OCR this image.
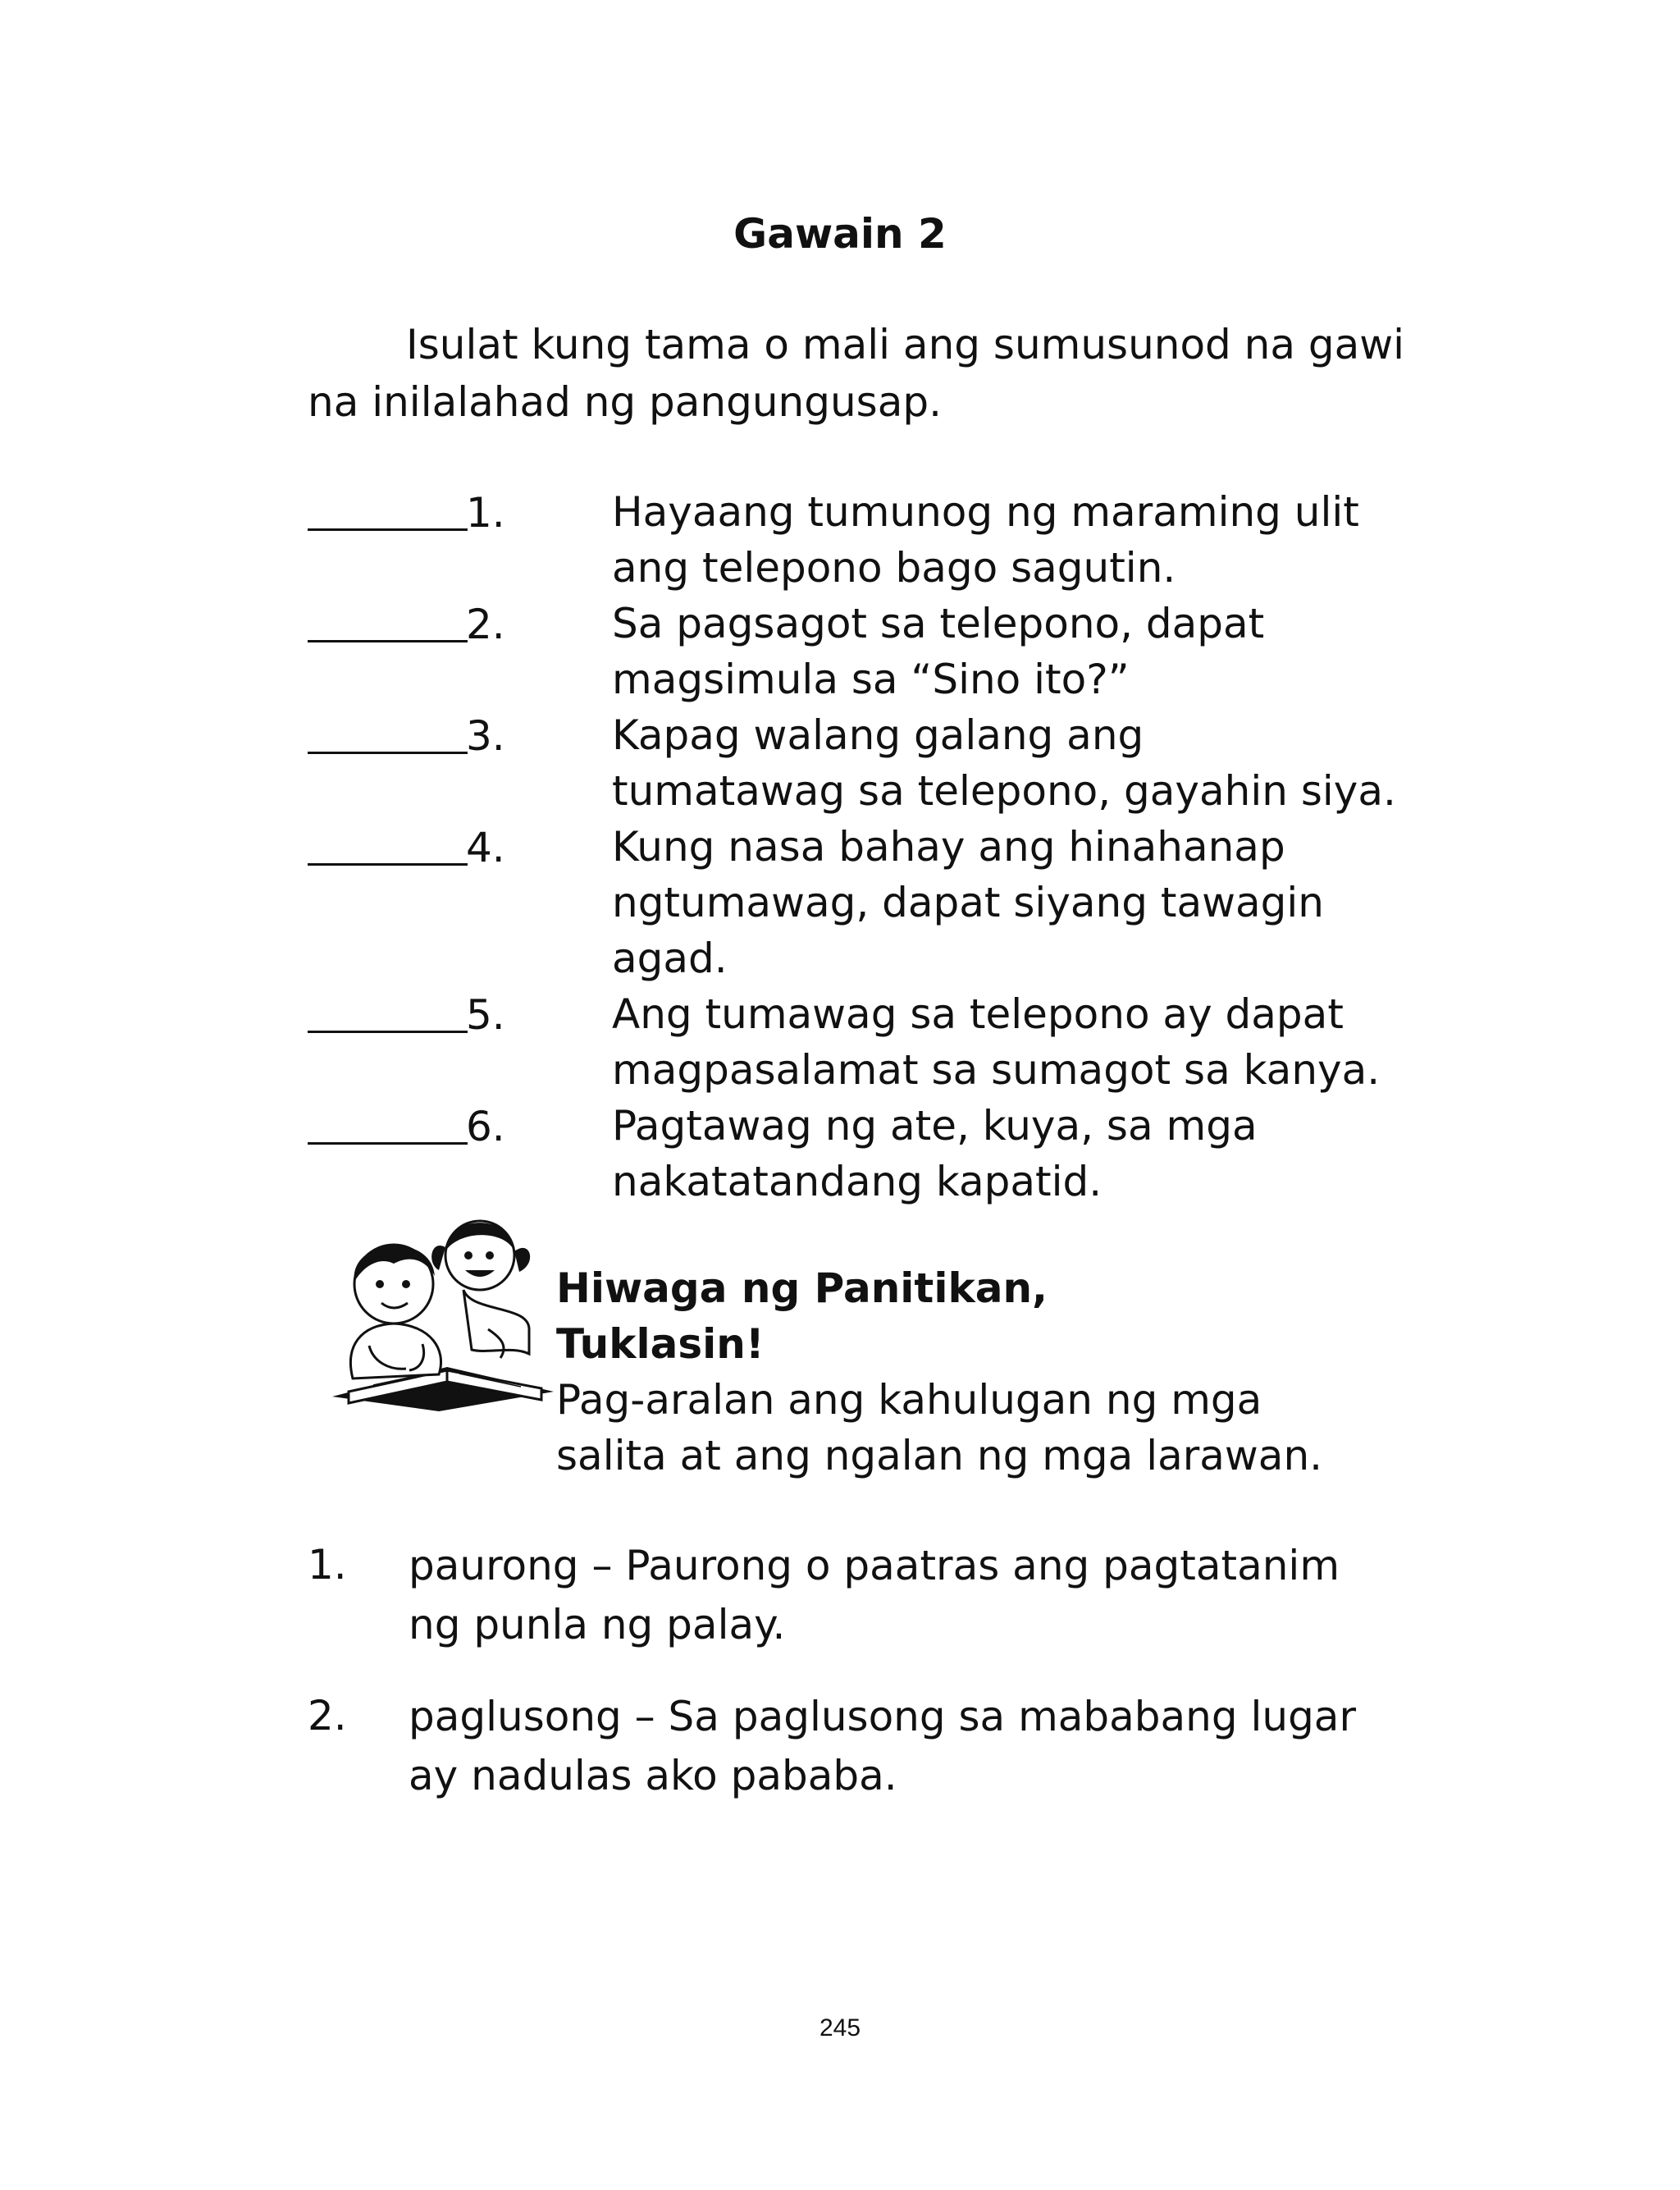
Gawain 2
Isulat kung tama o mali ang sumusunod na gawi
na inilalahad ng pangungusap.
1.	Hayaang tumunog ng maraming ulit
ang telepono bago sagutin.
2.	Sa pagsagot sa telepono, dapat
magsimula sa “Sino ito?”
3.	Kapag walang galang ang
tumatawag sa telepono, gayahin siya.
4.	Kung nasa bahay ang hinahanap
ngtumawag, dapat siyang tawagin
agad.
5.	Ang tumawag sa telepono ay dapat
magpasalamat sa sumagot sa kanya.
6.	Pagtawag ng ate, kuya, sa mga
nakatatandang kapatid.
Hiwaga ng Panitikan,
Tuklasin!
Pag-aralan ang kahulugan ng mga
salita at ang ngalan ng mga larawan.
1. paurong – Paurong o paatras ang pagtatanim
ng punla ng palay.
2. paglusong – Sa paglusong sa mababang lugar
ay nadulas ako pababa.
245
